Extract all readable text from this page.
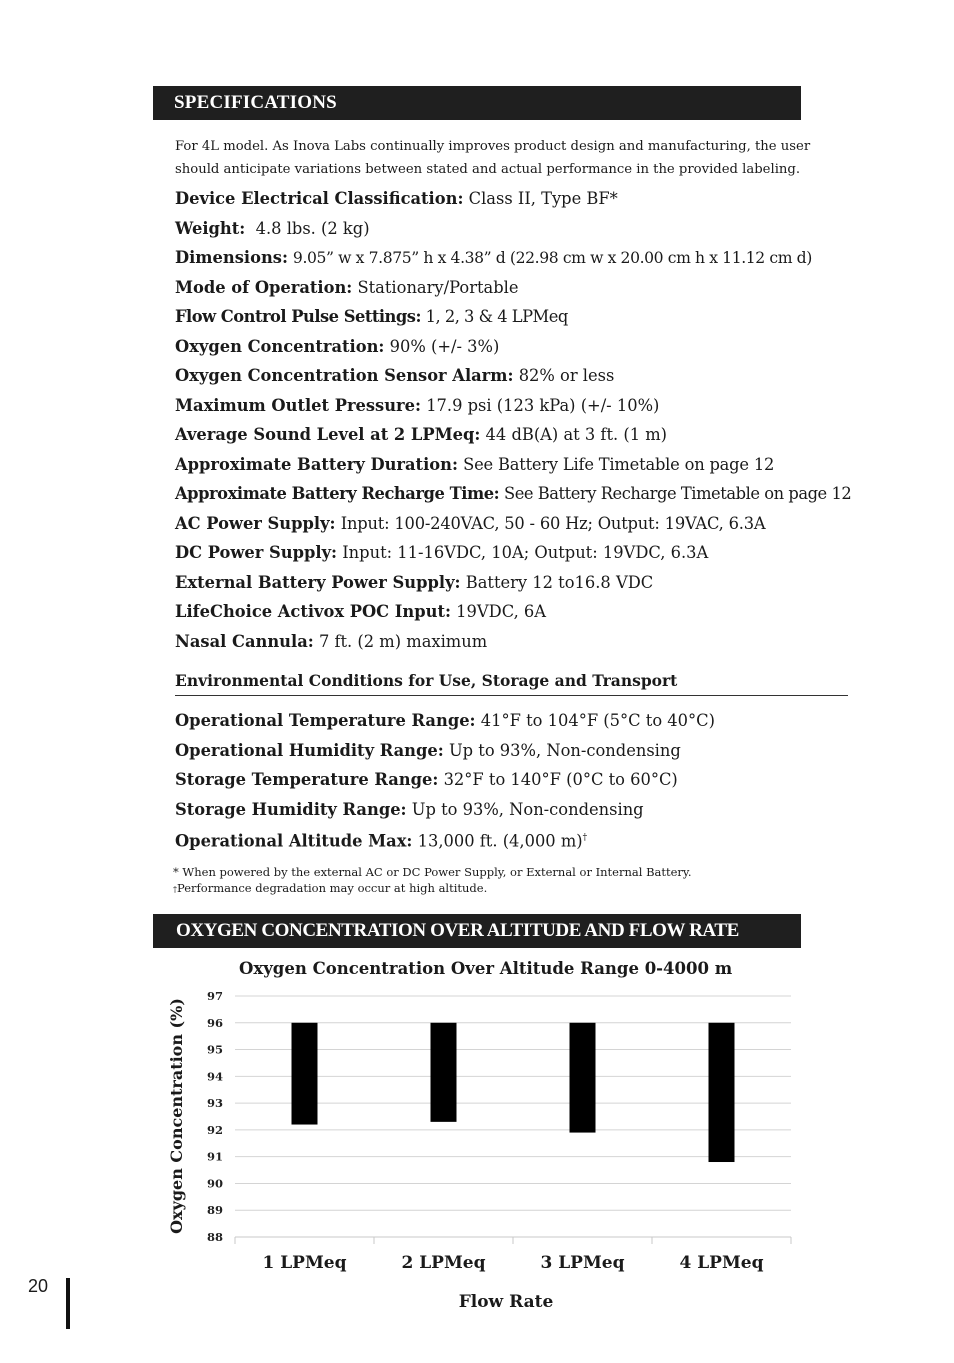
SPECIFICATIONS

For 4L model. As Inova Labs continually improves product design and manufacturing, the user should anticipate variations between stated and actual performance in the provided labeling.

Device Electrical Classification: Class II, Type BF*
Weight: 4.8 lbs. (2 kg)
Dimensions: 9.05” w x 7.875” h x 4.38” d (22.98 cm w x 20.00 cm h x 11.12 cm d)
Mode of Operation: Stationary/Portable
Flow Control Pulse Settings: 1, 2, 3 & 4 LPMeq
Oxygen Concentration: 90% (+/- 3%)
Oxygen Concentration Sensor Alarm: 82% or less
Maximum Outlet Pressure: 17.9 psi (123 kPa) (+/- 10%)
Average Sound Level at 2 LPMeq: 44 dB(A) at 3 ft. (1 m)
Approximate Battery Duration: See Battery Life Timetable on page 12
Approximate Battery Recharge Time: See Battery Recharge Timetable on page 12
AC Power Supply: Input: 100-240VAC, 50 - 60 Hz; Output: 19VAC, 6.3A
DC Power Supply: Input: 11-16VDC, 10A; Output: 19VDC, 6.3A
External Battery Power Supply: Battery 12 to16.8 VDC
LifeChoice Activox POC Input: 19VDC, 6A
Nasal Cannula: 7 ft. (2 m) maximum
Environmental Conditions for Use, Storage and Transport
Operational Temperature Range: 41°F to 104°F (5°C to 40°C)
Operational Humidity Range: Up to 93%, Non-condensing
Storage Temperature Range: 32°F to 140°F (0°C to 60°C)
Storage Humidity Range: Up to 93%, Non-condensing
Operational Altitude Max: 13,000 ft. (4,000 m)†
* When powered by the external AC or DC Power Supply, or External or Internal Battery.
†Performance degradation may occur at high altitude.
OXYGEN CONCENTRATION OVER ALTITUDE AND FLOW RATE
Oxygen Concentration Over Altitude Range 0-4000 m
88
89
90
91
92
93
94
95
96
97
1 LPMeq	2 LPMeq	3 LPMeq	4 LPMeq
Flow Rate
Oxygen Concentration (%)
20
